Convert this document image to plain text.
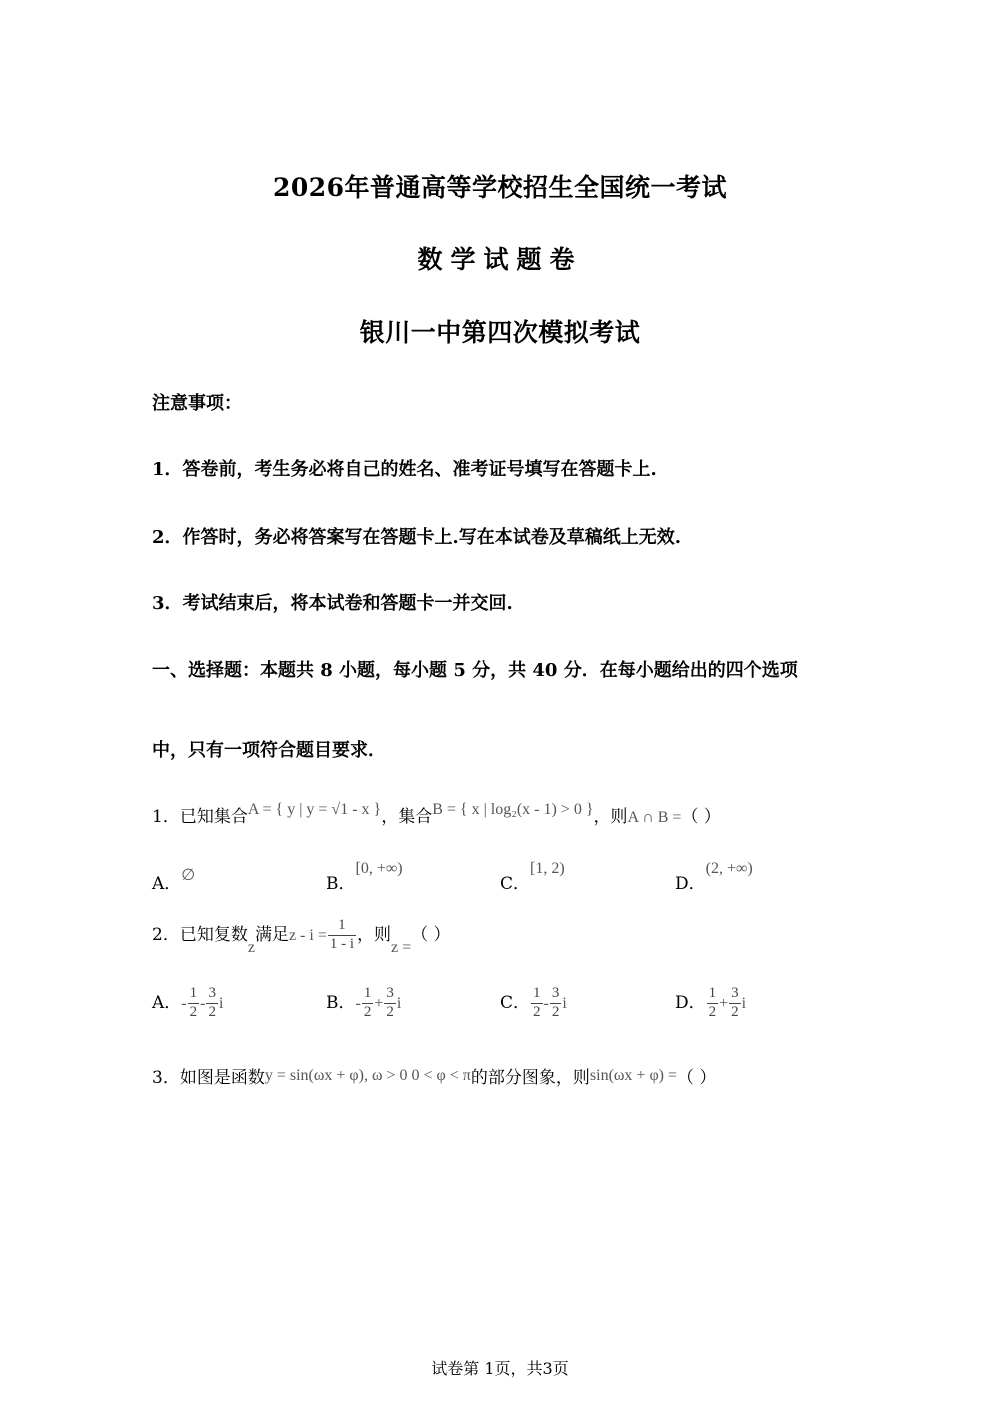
2026年普通高等学校招生全国统一考试
数学试题卷
银川一中第四次模拟考试
注意事项：
1．答卷前，考生务必将自己的姓名、准考证号填写在答题卡上.
2．作答时，务必将答案写在答题卡上.写在本试卷及草稿纸上无效.
3．考试结束后，将本试卷和答题卡一并交回.
一、选择题：本题共 8 小题，每小题 5 分，共 40 分．在每小题给出的四个选项
中，只有一项符合题目要求．
1．已知集合A = { y | y = √1 - x }，集合B = { x | log₂(x - 1) > 0 }，则A ∩ B =（ ）
A．∅	B．[0, +∞)
C．[1, 2)
D．(2, +∞)
2．已知复数z满足$z - i = \frac{1}{1 - i}$ ，则z =（ ）
A．- $\frac{1}{2} - \frac{3}{2}$ i	B．- $\frac{1}{2} + \frac{3}{2}$ i	C． $\frac{1}{2} - \frac{3}{2}$ i	D． $\frac{1}{2} + \frac{3}{2}$ i
3．如图是函数y = sin(ωx + φ), ω > 0 0 < φ < π的部分图象，则sin(ωx + φ) =（ ）
试卷第 1页，共3页
